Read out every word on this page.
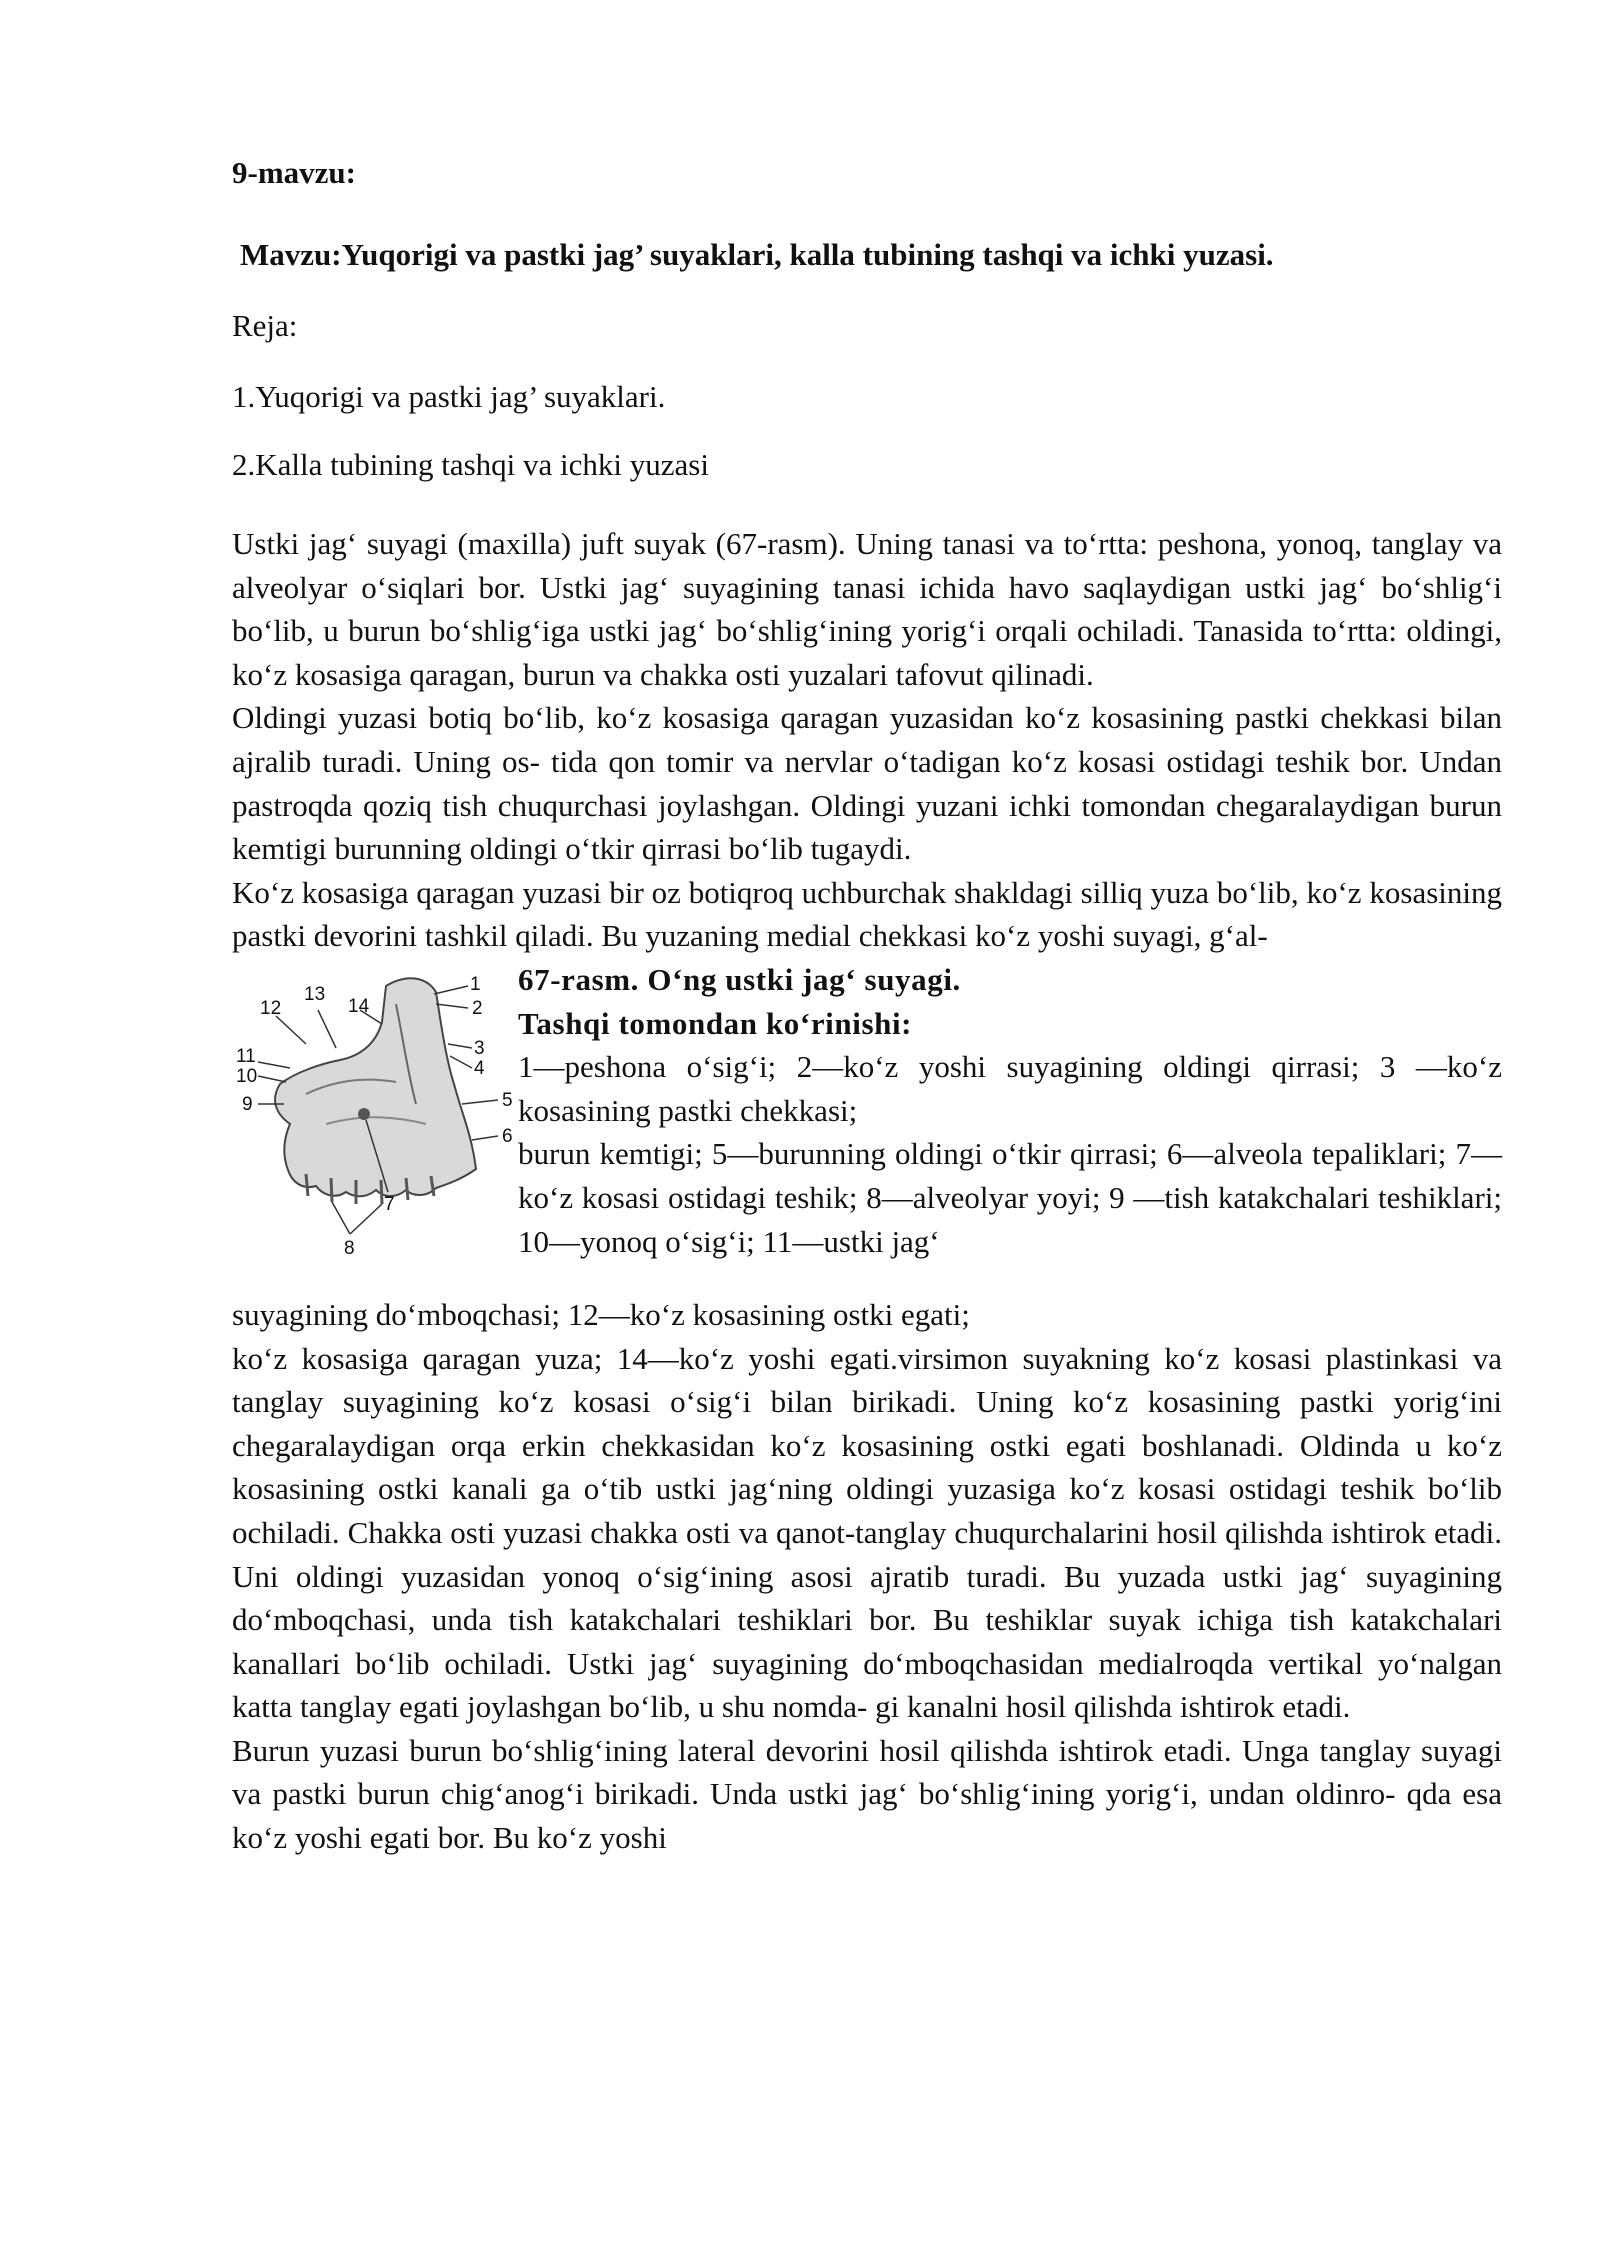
9-mavzu:

Mavzu:Yuqorigi va pastki jag’ suyaklari, kalla tubining tashqi va ichki yuzasi.

Reja:

1.Yuqorigi va pastki jag’ suyaklari.

2.Kalla tubining tashqi va ichki yuzasi

Ustki jag‘ suyagi (maxilla) juft suyak (67-rasm). Uning tanasi va to‘rtta: peshona, yonoq, tanglay va alveolyar o‘siqlari bor. Ustki jag‘ suyagining tanasi ichida havo saqlaydigan ustki jag‘ bo‘shlig‘i bo‘lib, u burun bo‘shlig‘iga ustki jag‘ bo‘shlig‘ining yorig‘i orqali ochiladi. Tanasida to‘rtta: oldingi, ko‘z kosasiga qaragan, burun va chakka osti yuzalari tafovut qilinadi.

Oldingi yuzasi botiq bo‘lib, ko‘z kosasiga qaragan yuzasidan ko‘z kosasining pastki chekkasi bilan ajralib turadi. Uning os- tida qon tomir va nervlar o‘tadigan ko‘z kosasi ostidagi teshik bor. Undan pastroqda qoziq tish chuqurchasi joylashgan. Oldingi yuzani ichki tomondan chegaralaydigan burun kemtigi burunning oldingi o‘tkir qirrasi bo‘lib tugaydi.

Ko‘z kosasiga qaragan yuzasi bir oz botiqroq uchburchak shakldagi silliq yuza bo‘lib, ko‘z kosasining pastki devorini tashkil qiladi. Bu yuzaning medial chekkasi ko‘z yoshi suyagi, g‘al-

1
2
3
4
5
6
7
8
9
10
11
12
13
14
67-rasm. O‘ng ustki jag‘ suyagi.
Tashqi tomondan ko‘rinishi:
1—peshona o‘sig‘i; 2—ko‘z yoshi suyagining oldingi qirrasi; 3 —ko‘z kosasining pastki chekkasi;
burun kemtigi; 5—burunning oldingi o‘tkir qirrasi; 6—alveola tepaliklari; 7—ko‘z kosasi ostidagi teshik; 8—alveolyar yoyi; 9 —tish katakchalari teshiklari; 10—yonoq o‘sig‘i; 11—ustki jag‘

suyagining do‘mboqchasi; 12—ko‘z kosasining ostki egati;

ko‘z kosasiga qaragan yuza; 14—ko‘z yoshi egati.virsimon suyakning ko‘z kosasi plastinkasi va tanglay suyagining ko‘z kosasi o‘sig‘i bilan birikadi. Uning ko‘z kosasining pastki yorig‘ini chegaralaydigan orqa erkin chekkasidan ko‘z kosasining ostki egati boshlanadi. Oldinda u ko‘z kosasining ostki kanali ga o‘tib ustki jag‘ning oldingi yuzasiga ko‘z kosasi ostidagi teshik bo‘lib ochiladi. Chakka osti yuzasi chakka osti va qanot-tanglay chuqurchalarini hosil qilishda ishtirok etadi. Uni oldingi yuzasidan yonoq o‘sig‘ining asosi ajratib turadi. Bu yuzada ustki jag‘ suyagining do‘mboqchasi, unda tish katakchalari teshiklari bor. Bu teshiklar suyak ichiga tish katakchalari kanallari bo‘lib ochiladi. Ustki jag‘ suyagining do‘mboqchasidan medialroqda vertikal yo‘nalgan katta tanglay egati joylashgan bo‘lib, u shu nomda- gi kanalni hosil qilishda ishtirok etadi.

Burun yuzasi burun bo‘shlig‘ining lateral devorini hosil qilishda ishtirok etadi. Unga tanglay suyagi va pastki burun chig‘anog‘i birikadi. Unda ustki jag‘ bo‘shlig‘ining yorig‘i, undan oldinro- qda esa ko‘z yoshi egati bor. Bu ko‘z yoshi
